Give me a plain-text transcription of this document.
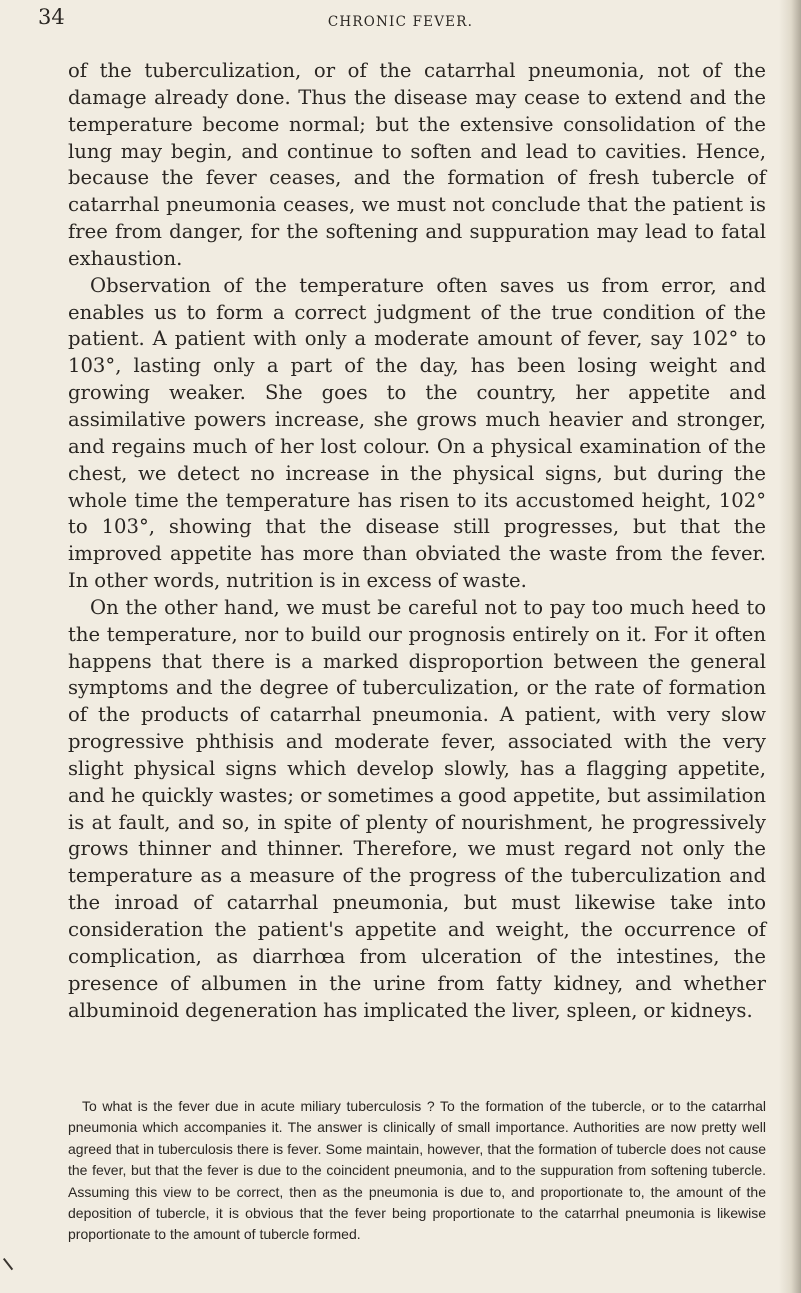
34	CHRONIC FEVER.

of the tuberculization, or of the catarrhal pneumonia, not of the damage already done. Thus the disease may cease to extend and the temperature become normal; but the extensive consolidation of the lung may begin, and continue to soften and lead to cavities. Hence, because the fever ceases, and the formation of fresh tubercle of catarrhal pneumonia ceases, we must not conclude that the patient is free from danger, for the softening and suppuration may lead to fatal exhaustion.

Observation of the temperature often saves us from error, and enables us to form a correct judgment of the true condition of the patient. A patient with only a moderate amount of fever, say 102° to 103°, lasting only a part of the day, has been losing weight and growing weaker. She goes to the country, her appetite and assimilative powers increase, she grows much heavier and stronger, and regains much of her lost colour. On a physical examination of the chest, we detect no increase in the physical signs, but during the whole time the temperature has risen to its accustomed height, 102° to 103°, showing that the disease still progresses, but that the improved appetite has more than obviated the waste from the fever. In other words, nutrition is in excess of waste.

On the other hand, we must be careful not to pay too much heed to the temperature, nor to build our prognosis entirely on it. For it often happens that there is a marked disproportion between the general symptoms and the degree of tuberculization, or the rate of formation of the products of catarrhal pneumonia. A patient, with very slow progressive phthisis and moderate fever, associated with the very slight physical signs which develop slowly, has a flagging appetite, and he quickly wastes; or sometimes a good appetite, but assimilation is at fault, and so, in spite of plenty of nourishment, he progressively grows thinner and thinner. Therefore, we must regard not only the temperature as a measure of the progress of the tuberculization and the inroad of catarrhal pneumonia, but must likewise take into consideration the patient's appetite and weight, the occurrence of complication, as diarrhœa from ulceration of the intestines, the presence of albumen in the urine from fatty kidney, and whether albuminoid degeneration has implicated the liver, spleen, or kidneys.

To what is the fever due in acute miliary tuberculosis ? To the formation of the tubercle, or to the catarrhal pneumonia which accompanies it. The answer is clinically of small importance. Authorities are now pretty well agreed that in tuberculosis there is fever. Some maintain, however, that the formation of tubercle does not cause the fever, but that the fever is due to the coincident pneumonia, and to the suppuration from softening tubercle. Assuming this view to be correct, then as the pneumonia is due to, and proportionate to, the amount of the deposition of tubercle, it is obvious that the fever being proportionate to the catarrhal pneumonia is likewise proportionate to the amount of tubercle formed.
